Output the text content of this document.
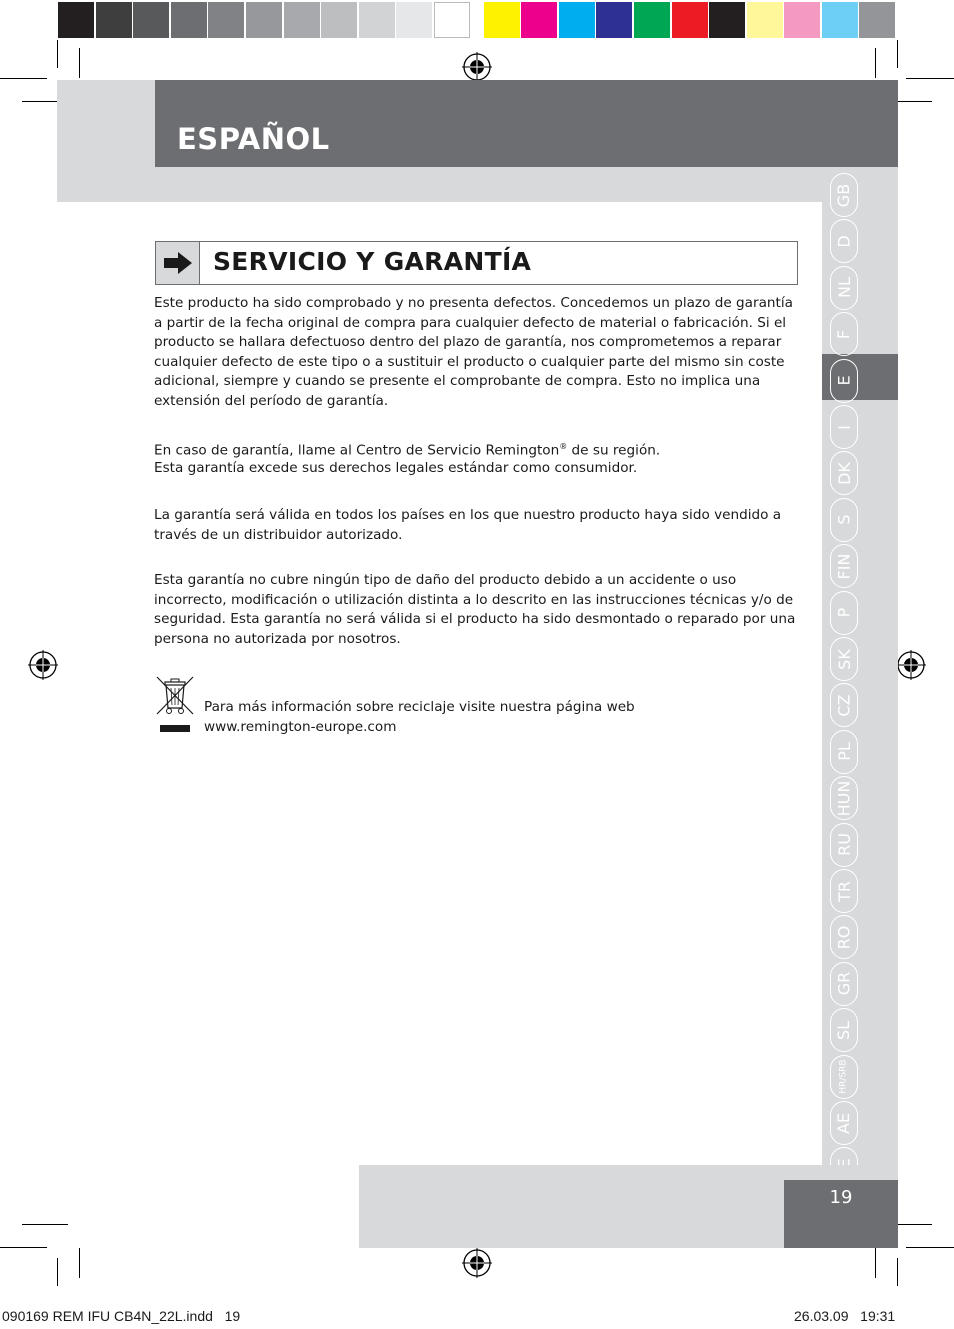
ESPAÑOL
GB
D
NL
F
E
I
DK
S
FIN
P
SK
CZ
PL
HUN
RU
TR
RO
GR
SL
HR/SRB
AE
19
SERVICIO Y GARANTÍA

Este producto ha sido comprobado y no presenta defectos. Concedemos un plazo de garantía a partir de la fecha original de compra para cualquier defecto de material o fabricación. Si el producto se hallara defectuoso dentro del plazo de garantía, nos comprometemos a reparar cualquier defecto de este tipo o a sustituir el producto o cualquier parte del mismo sin coste adicional, siempre y cuando se presente el comprobante de compra. Esto no implica una extensión del período de garantía.

En caso de garantía, llame al Centro de Servicio Remington® de su región.

Esta garantía excede sus derechos legales estándar como consumidor.

La garantía será válida en todos los países en los que nuestro producto haya sido vendido a través de un distribuidor autorizado.

Esta garantía no cubre ningún tipo de daño del producto debido a un accidente o uso incorrecto, modificación o utilización distinta a lo descrito en las instrucciones técnicas y/o de seguridad. Esta garantía no será válida si el producto ha sido desmontado o reparado por una persona no autorizada por nosotros.

Para más información sobre reciclaje visite nuestra página web
www.remington-europe.com
090169 REM IFU CB4N_22L.indd   19	26.03.09   19:31
